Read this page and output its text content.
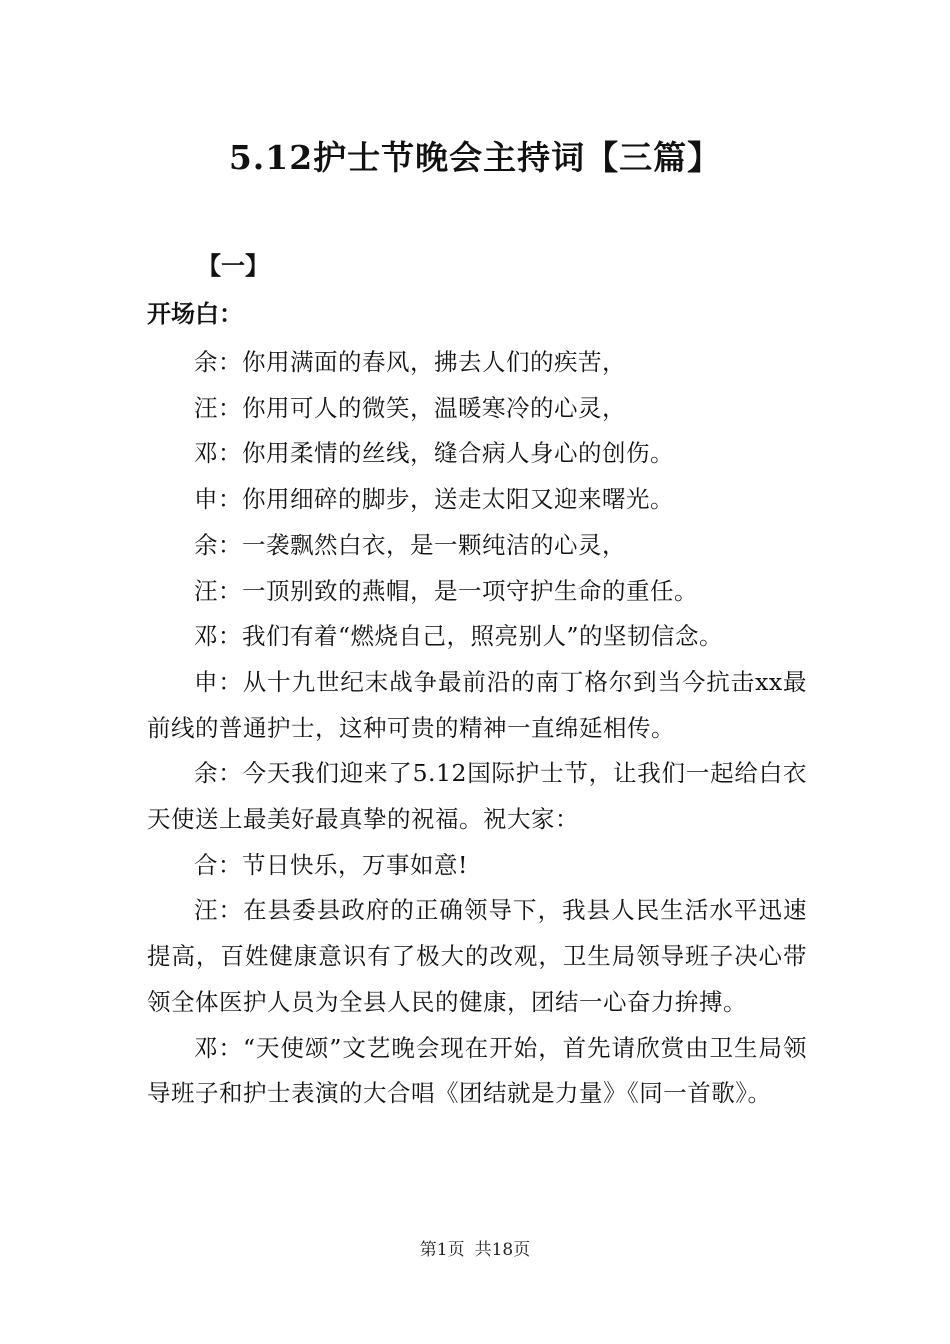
5.12护士节晚会主持词【三篇】
【一】
开场白：

余：你用满面的春风，拂去人们的疾苦，

汪：你用可人的微笑，温暖寒冷的心灵，

邓：你用柔情的丝线，缝合病人身心的创伤。

申：你用细碎的脚步，送走太阳又迎来曙光。

余：一袭飘然白衣，是一颗纯洁的心灵，

汪：一顶别致的燕帽，是一项守护生命的重任。

邓：我们有着“燃烧自己，照亮别人”的坚韧信念。

申：从十九世纪末战争最前沿的南丁格尔到当今抗击xx最前线的普通护士，这种可贵的精神一直绵延相传。

余：今天我们迎来了5.12国际护士节，让我们一起给白衣天使送上最美好最真挚的祝福。祝大家：

合：节日快乐，万事如意!

汪：在县委县政府的正确领导下，我县人民生活水平迅速提高，百姓健康意识有了极大的改观，卫生局领导班子决心带领全体医护人员为全县人民的健康，团结一心奋力拚搏。

邓：“天使颂”文艺晚会现在开始，首先请欣赏由卫生局领导班子和护士表演的大合唱《团结就是力量》《同一首歌》。

第1页 共18页
